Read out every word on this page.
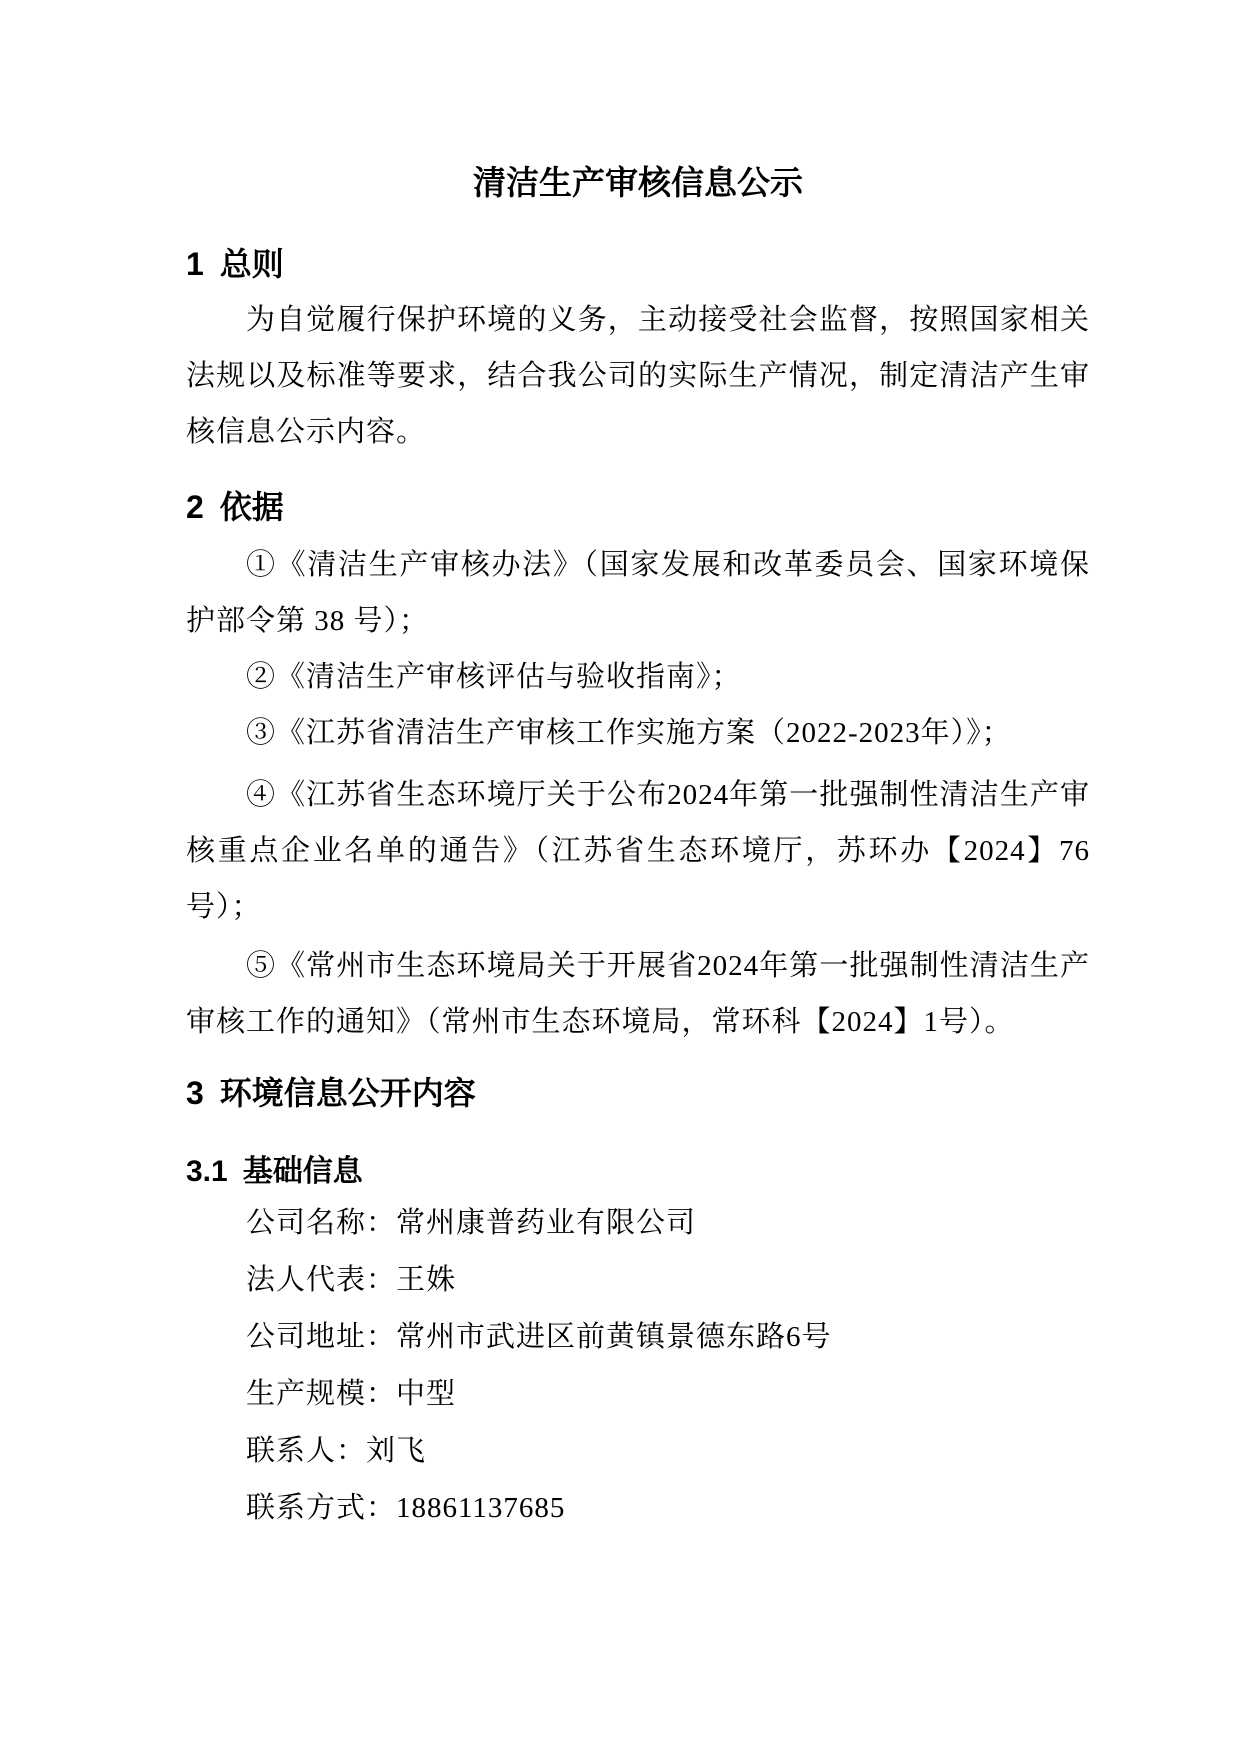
清洁生产审核信息公示
1 总则
为自觉履行保护环境的义务，主动接受社会监督，按照国家相关
法规以及标准等要求，结合我公司的实际生产情况，制定清洁产生审
核信息公示内容。
2 依据
①《清洁生产审核办法》（国家发展和改革委员会、国家环境保
护部令第 38 号）；
②《清洁生产审核评估与验收指南》；
③《江苏省清洁生产审核工作实施方案（2022-2023年）》；
④《江苏省生态环境厅关于公布2024年第一批强制性清洁生产审
核重点企业名单的通告》（江苏省生态环境厅，苏环办【2024】76
号）；
⑤《常州市生态环境局关于开展省2024年第一批强制性清洁生产
审核工作的通知》（常州市生态环境局，常环科【2024】1号）。
3 环境信息公开内容
3.1 基础信息
公司名称：常州康普药业有限公司
法人代表：王姝
公司地址：常州市武进区前黄镇景德东路6号
生产规模：中型
联系人：刘飞
联系方式：18861137685
